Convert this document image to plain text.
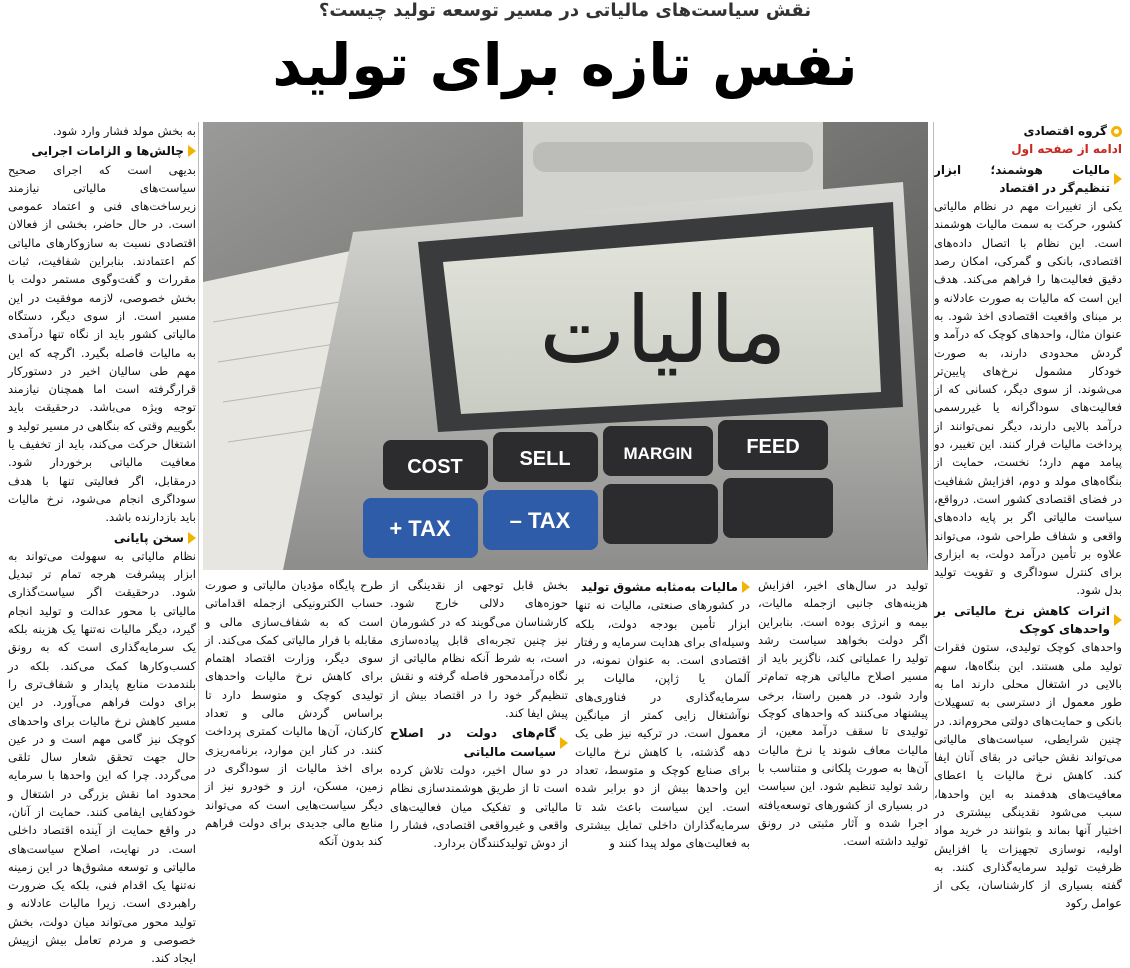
نقش سیاست‌های مالیاتی در مسیر توسعه تولید چیست؟
نفس تازه برای تولید
گروه اقتصادی
ادامه از صفحه اول
مالیات هوشمند؛ ابزار تنظیم‌گر در اقتصاد

یکی از تغییرات مهم در نظام مالیاتی کشور، حرکت به سمت مالیات هوشمند است. این نظام با اتصال داده‌های اقتصادی، بانکی و گمرکی، امکان رصد دقیق فعالیت‌ها را فراهم می‌کند. هدف این است که مالیات به صورت عادلانه و بر مبنای واقعیت اقتصادی اخذ شود. به عنوان مثال، واحدهای کوچک که درآمد و گردش محدودی دارند، به صورت خودکار مشمول نرخ‌های پایین‌تر می‌شوند. از سوی دیگر، کسانی که از فعالیت‌های سوداگرانه یا غیررسمی درآمد بالایی دارند، دیگر نمی‌توانند از پرداخت مالیات فرار کنند. این تغییر، دو پیامد مهم دارد؛ نخست، حمایت از بنگاه‌های مولد و دوم، افزایش شفافیت در فضای اقتصادی کشور است. درواقع، سیاست مالیاتی اگر بر پایه داده‌های واقعی و شفاف طراحی شود، می‌تواند علاوه بر تأمین درآمد دولت، به ابزاری برای کنترل سوداگری و تقویت تولید بدل شود.

اثرات کاهش نرخ مالیاتی بر واحدهای کوچک

واحدهای کوچک تولیدی، ستون فقرات تولید ملی هستند. این بنگاه‌ها، سهم بالایی در اشتغال محلی دارند اما به طور معمول از دسترسی به تسهیلات بانکی و حمایت‌های دولتی محروم‌اند. در چنین شرایطی، سیاست‌های مالیاتی می‌تواند نقش حیاتی در بقای آنان ایفا کند. کاهش نرخ مالیات یا اعطای معافیت‌های هدفمند به این واحدها، سبب می‌شود نقدینگی بیشتری در اختیار آنها بماند و بتوانند در خرید مواد اولیه، نوسازی تجهیزات یا افزایش ظرفیت تولید سرمایه‌گذاری کنند. به گفته بسیاری از کارشناسان، یکی از عوامل رکود

به بخش مولد فشار وارد شود.

چالش‌ها و الزامات اجرایی

بدیهی است که اجرای صحیح سیاست‌های مالیاتی نیازمند زیرساخت‌های فنی و اعتماد عمومی است. در حال حاضر، بخشی از فعالان اقتصادی نسبت به سازوکارهای مالیاتی کم اعتمادند. بنابراین شفافیت، ثبات مقررات و گفت‌وگوی مستمر دولت با بخش خصوصی، لازمه موفقیت در این مسیر است. از سوی دیگر، دستگاه مالیاتی کشور باید از نگاه تنها درآمدی به مالیات فاصله بگیرد. اگرچه که این مهم طی سالیان اخیر در دستورکار قرارگرفته است اما همچنان نیازمند توجه ویژه می‌باشد. درحقیقت باید بگوییم وقتی که بنگاهی در مسیر تولید و اشتغال حرکت می‌کند، باید از تخفیف یا معافیت مالیاتی برخوردار شود. درمقابل، اگر فعالیتی تنها با هدف سوداگری انجام می‌شود، نرخ مالیات باید بازدارنده باشد.

سخن پایانی

نظام مالیاتی به سهولت می‌تواند به ابزار پیشرفت هرجه تمام تر تبدیل شود. درحقیقت اگر سیاست‌گذاری مالیاتی با محور عدالت و تولید انجام گیرد، دیگر مالیات نه‌تنها یک هزینه بلکه یک سرمایه‌گذاری است که به رونق کسب‌وکارها کمک می‌کند. بلکه در بلندمدت منابع پایدار و شفاف‌تری را برای دولت فراهم می‌آورد. در این مسیر کاهش نرخ مالیات برای واحدهای کوچک نیز گامی مهم است و در عین حال جهت تحقق شعار سال تلقی می‌گردد. چرا که این واحدها با سرمایه محدود اما نقش بزرگی در اشتغال و خودکفایی ایفامی کنند. حمایت از آنان، در واقع حمایت از آینده اقتصاد داخلی است. در نهایت، اصلاح سیاست‌های مالیاتی و توسعه مشوق‌ها در این زمینه نه‌تنها یک اقدام فنی، بلکه یک ضرورت راهبردی است. زیرا مالیات عادلانه و تولید محور می‌تواند میان دولت، بخش خصوصی و مردم تعامل بیش ازپیش ایجاد کند.

COST	SELL	MARGIN	FEED
TAX +	TAX –
مالیات

تولید در سال‌های اخیر، افزایش هزینه‌های جانبی ازجمله مالیات، بیمه و انرژی بوده است. بنابراین اگر دولت بخواهد سیاست رشد تولید را عملیاتی کند، ناگزیر باید از مسیر اصلاح مالیاتی هرچه تمام‌تر وارد شود. در همین راستا، برخی پیشنهاد می‌کنند که واحدهای کوچک تولیدی تا سقف درآمد معین، از مالیات معاف شوند یا نرخ مالیات آن‌ها به صورت پلکانی و متناسب با رشد تولید تنظیم شود. این سیاست در بسیاری از کشورهای توسعه‌یافته اجرا شده و آثار مثبتی در رونق تولید داشته است.

مالیات به‌مثابه مشوق تولید

در کشورهای صنعتی، مالیات نه تنها ابزار تأمین بودجه دولت، بلکه وسیله‌ای برای هدایت سرمایه و رفتار اقتصادی است. به عنوان نمونه، در آلمان یا ژاپن، مالیات بر سرمایه‌گذاری در فناوری‌های نوآشتغال زایی کمتر از میانگین معمول است. در ترکیه نیز طی یک دهه گذشته، با کاهش نرخ مالیات برای صنایع کوچک و متوسط، تعداد این واحدها بیش از دو برابر شده است. این سیاست باعث شد تا سرمایه‌گذاران داخلی تمایل بیشتری به فعالیت‌های مولد پیدا کنند و

بخش قابل توجهی از نقدینگی از حوزه‌های دلالی خارج شود. کارشناسان می‌گویند که در کشورمان نیز چنین تجربه‌ای قابل پیاده‌سازی است، به شرط آنکه نظام مالیاتی از نگاه درآمدمحور فاصله گرفته و نقش تنظیم‌گر خود را در اقتصاد بیش از پیش ایفا کند.

گام‌های دولت در اصلاح سیاست مالیاتی

در دو سال اخیر، دولت تلاش کرده است تا از طریق هوشمندسازی نظام مالیاتی و تفکیک میان فعالیت‌های واقعی و غیرواقعی اقتصادی، فشار را از دوش تولیدکنندگان بردارد.

طرح پایگاه مؤدیان مالیاتی و صورت حساب الکترونیکی ازجمله اقداماتی است که به شفاف‌سازی مالی و مقابله با فرار مالیاتی کمک می‌کند. از سوی دیگر، وزارت اقتصاد اهتمام برای کاهش نرخ مالیات واحدهای تولیدی کوچک و متوسط دارد تا براساس گردش مالی و تعداد کارکنان، آن‌ها مالیات کمتری پرداخت کنند. در کنار این موارد، برنامه‌ریزی برای اخذ مالیات از سوداگری در زمین، مسکن، ارز و خودرو نیز از دیگر سیاست‌هایی است که می‌تواند منابع مالی جدیدی برای دولت فراهم کند بدون آنکه
